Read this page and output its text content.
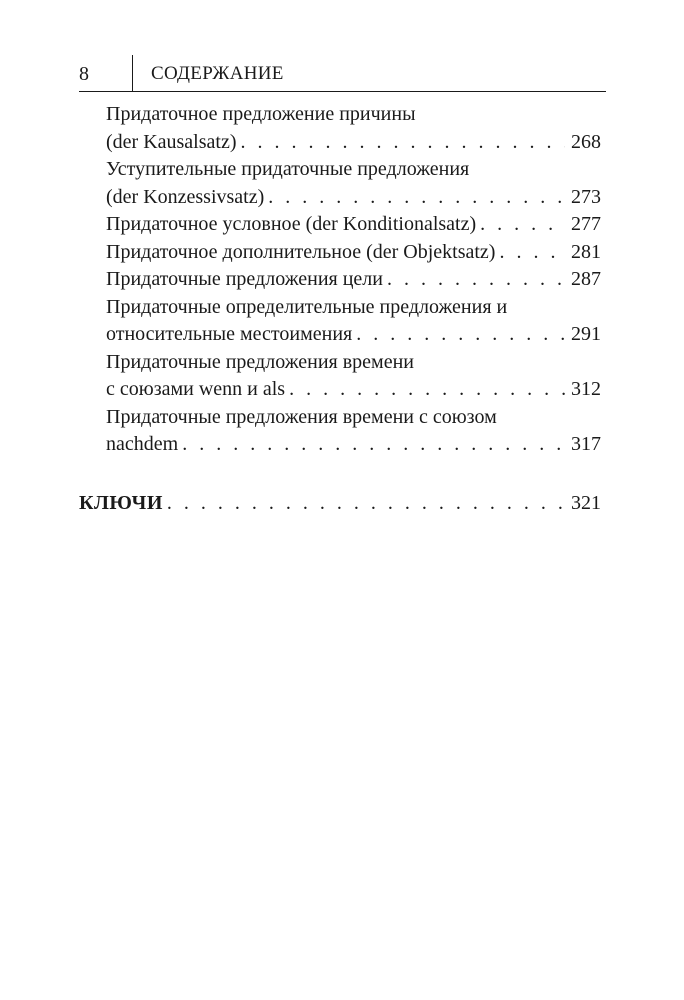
8	СОДЕРЖАНИЕ
Придаточное предложение причины
(der Kausalsatz) . . .	268
Уступительные придаточные предложения
(der Konzessivsatz) . . .	273
Придаточное условное (der Konditionalsatz) . . .	277
Придаточное дополнительное (der Objektsatz) . . .	281
Придаточные предложения цели . . .	287
Придаточные определительные предложения и
относительные местоимения . . .	291
Придаточные предложения времени
с союзами wenn и als . . .	312
Придаточные предложения времени с союзом
nachdem . . .	317
КЛЮЧИ . . .	321
